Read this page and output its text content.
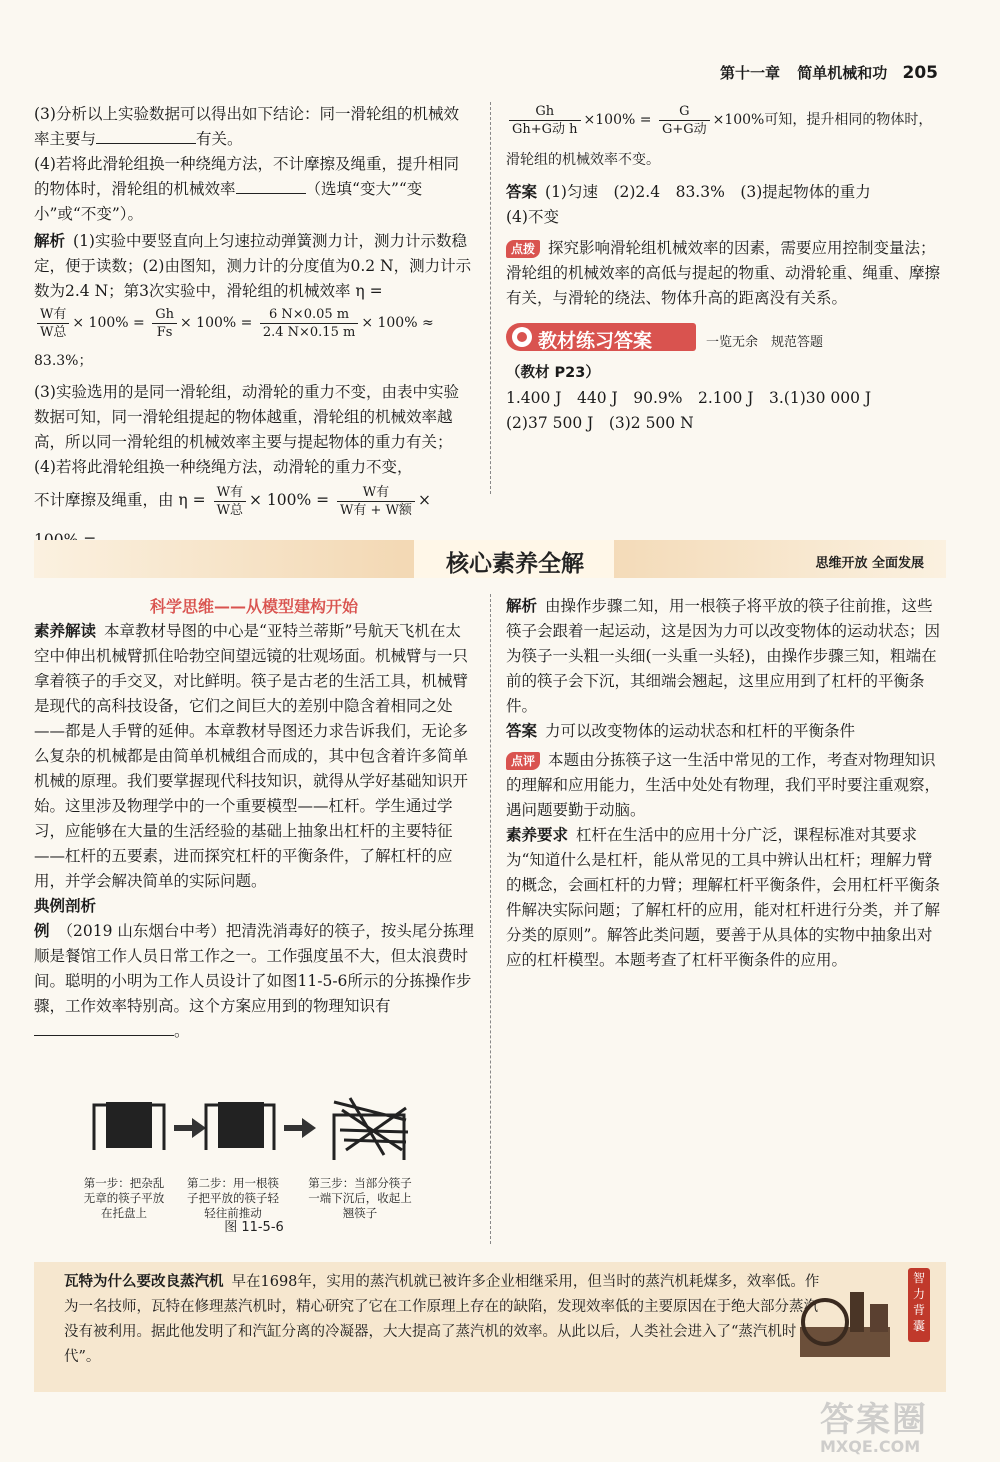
第十一章 简单机械和功 205

(3)分析以上实验数据可以得出如下结论：同一滑轮组的机械效率主要与	有关。

(4)若将此滑轮组换一种绕绳方法，不计摩擦及绳重，提升相同的物体时，滑轮组的机械效率	（选填“变大”“变小”或“不变”）。

解析 (1)实验中要竖直向上匀速拉动弹簧测力计，测力计示数稳定，便于读数；(2)由图知，测力计的分度值为0.2 N，测力计示数为2.4 N；第3次实验中，滑轮组的机械效率 η =

$\frac{\text{W有}}{\text{W总}} \times 100\% = \frac{Gh}{Fs} \times 100\% = \frac{6 N\times 0.05 m}{2.4 N\times 0.15 m} \times 100\% \approx 83.3\%$；

(3)实验选用的是同一滑轮组，动滑轮的重力不变，由表中实验数据可知，同一滑轮组提起的物体越重，滑轮组的机械效率越高，所以同一滑轮组的机械效率主要与提起物体的重力有关；(4)若将此滑轮组换一种绕绳方法，动滑轮的重力不变，

不计摩擦及绳重，由 $\eta = \frac{\text{W有}}{\text{W总}} \times 100\% = \frac{\text{W有}}{\text{W有 + W额}}$ ×

$\frac{Gh}{\text{Gh+G动 h}} \times 100\% = \frac{G}{\text{G+G动}} \times 100\%$可知，提升相同的物体时，滑轮组的机械效率不变。

答案 (1)匀速　(2)2.4　83.3%　(3)提起物体的重力

(4)不变

点拨 探究影响滑轮组机械效率的因素，需要应用控制变量法；滑轮组的机械效率的高低与提起的物重、动滑轮重、绳重、摩擦有关，与滑轮的绕法、物体升高的距离没有关系。

教材练习答案	一览无余　规范答题

（教材 P23）

1.400 J　440 J　90.9%　2.100 J　3.(1)30 000 J

(2)37 500 J　(3)2 500 N

核心素养全解	思维开放 全面发展

科学思维——从模型建构开始

素养解读 本章教材导图的中心是“亚特兰蒂斯”号航天飞机在太空中伸出机械臂抓住哈勃空间望远镜的壮观场面。机械臂与一只拿着筷子的手交叉，对比鲜明。筷子是古老的生活工具，机械臂是现代的高科技设备，它们之间巨大的差别中隐含着相同之处——都是人手臂的延伸。本章教材导图还力求告诉我们，无论多么复杂的机械都是由简单机械组合而成的，其中包含着许多简单机械的原理。我们要掌握现代科技知识，就得从学好基础知识开始。这里涉及物理学中的一个重要模型——杠杆。学生通过学习，应能够在大量的生活经验的基础上抽象出杠杆的主要特征——杠杆的五要素，进而探究杠杆的平衡条件，了解杠杆的应用，并学会解决简单的实际问题。

典例剖析

例 （2019 山东烟台中考）把清洗消毒好的筷子，按头尾分拣理顺是餐馆工作人员日常工作之一。工作强度虽不大，但太浪费时间。聪明的小明为工作人员设计了如图11-5-6所示的分拣操作步骤，工作效率特别高。这个方案应用到的物理知识有。

第一步：把杂乱无章的筷子平放在托盘上
第二步：用一根筷子把平放的筷子轻轻往前推动
第三步：当部分筷子一端下沉后，收起上翘筷子
图 11-5-6

解析 由操作步骤二知，用一根筷子将平放的筷子往前推，这些筷子会跟着一起运动，这是因为力可以改变物体的运动状态；因为筷子一头粗一头细(一头重一头轻)，由操作步骤三知，粗端在前的筷子会下沉，其细端会翘起，这里应用到了杠杆的平衡条件。

答案 力可以改变物体的运动状态和杠杆的平衡条件

点评 本题由分拣筷子这一生活中常见的工作，考查对物理知识的理解和应用能力，生活中处处有物理，我们平时要注重观察，遇问题要勤于动脑。

素养要求 杠杆在生活中的应用十分广泛，课程标准对其要求为“知道什么是杠杆，能从常见的工具中辨认出杠杆；理解力臂的概念，会画杠杆的力臂；理解杠杆平衡条件，会用杠杆平衡条件解决实际问题；了解杠杆的应用，能对杠杆进行分类，并了解分类的原则”。解答此类问题，要善于从具体的实物中抽象出对应的杠杆模型。本题考查了杠杆平衡条件的应用。

瓦特为什么要改良蒸汽机 早在1698年，实用的蒸汽机就已被许多企业相继采用，但当时的蒸汽机耗煤多，效率低。作为一名技师，瓦特在修理蒸汽机时，精心研究了它在工作原理上存在的缺陷，发现效率低的主要原因在于绝大部分蒸汽没有被利用。据此他发明了和汽缸分离的冷凝器，大大提高了蒸汽机的效率。从此以后，人类社会进入了“蒸汽机时代”。

智力背囊
答案圈
MXQE.COM
